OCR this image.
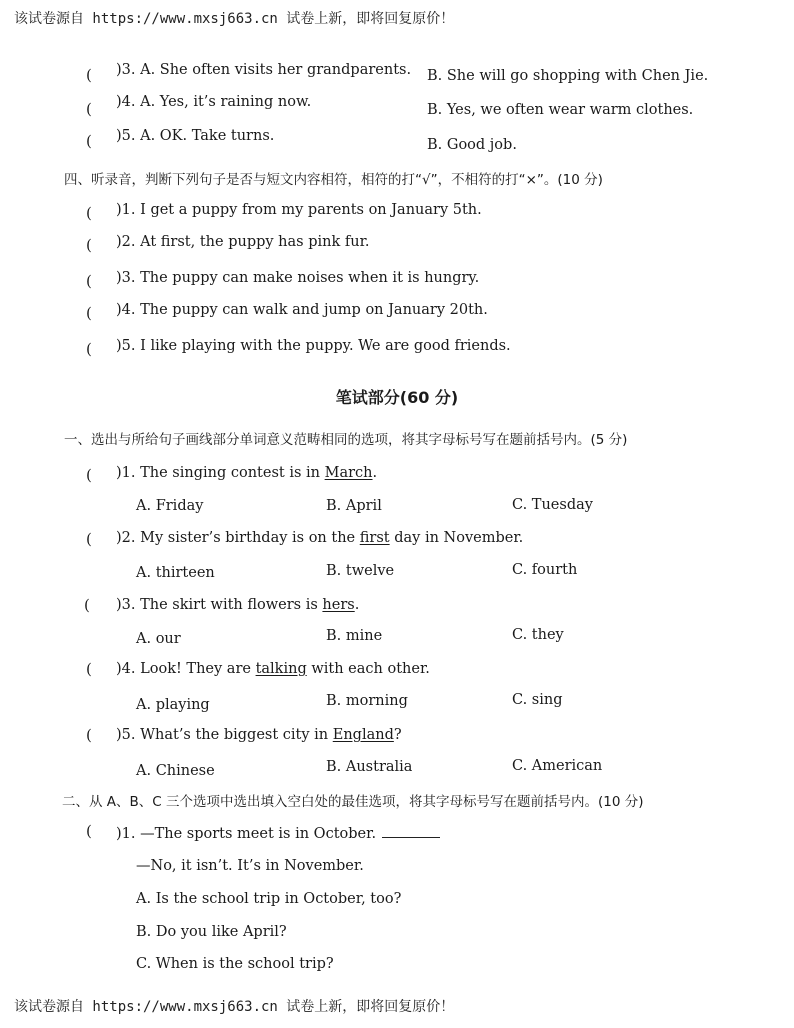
该试卷源自 https://www.mxsj663.cn 试卷上新，即将回复原价！
( )3. A. She often visits her grandparents. B. She will go shopping with Chen Jie.
( )4. A. Yes, it’s raining now.	B. Yes, we often wear warm clothes.
( )5. A. OK. Take turns.
B. Good job.
四、听录音，判断下列句子是否与短文内容相符，相符的打“√”，不相符的打“×”。(10 分)
( )1. I get a puppy from my parents on January 5th.
( )2. At first, the puppy has pink fur.
( )3. The puppy can make noises when it is hungry.
( )4. The puppy can walk and jump on January 20th.
( )5. I like playing with the puppy. We are good friends.
笔试部分(60 分)
一、选出与所给句子画线部分单词意义范畴相同的选项，将其字母标号写在题前括号内。(5 分)
( )1. The singing contest is in March.
A. Friday	B. April	C. Tuesday
( )2. My sister’s birthday is on the first day in November.
A. thirteen	B. twelve	C. fourth
( )3. The skirt with flowers is hers.
A. our	B. mine	C. they
( )4. Look! They are talking with each other.
A. playing	B. morning	C. sing
( )5. What’s the biggest city in England?
A. Chinese	B. Australia	C. American
二、从 A、B、C 三个选项中选出填入空白处的最佳选项，将其字母标号写在题前括号内。(10 分)
( )1. —The sports meet is in October.
—No, it isn’t. It’s in November.
A. Is the school trip in October, too?
B. Do you like April?
C. When is the school trip?
该试卷源自 https://www.mxsj663.cn 试卷上新，即将回复原价！
